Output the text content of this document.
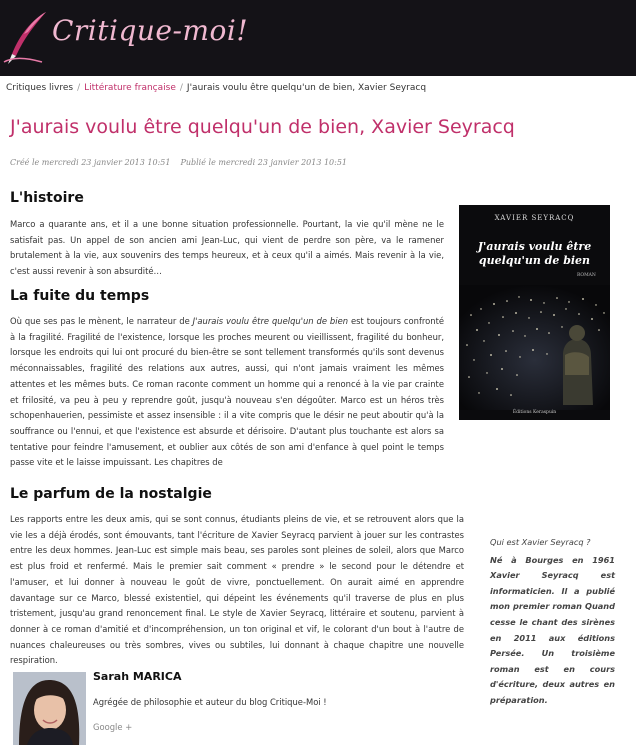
Critique-moi!
Critiques livres / Littérature française / J'aurais voulu être quelqu'un de bien, Xavier Seyracq
J'aurais voulu être quelqu'un de bien, Xavier Seyracq
Créé le mercredi 23 janvier 2013 10:51 Publié le mercredi 23 janvier 2013 10:51
L'histoire

Marco a quarante ans, et il a une bonne situation professionnelle. Pourtant, la vie qu'il mène ne le satisfait pas. Un appel de son ancien ami Jean-Luc, qui vient de perdre son père, va le ramener brutalement à la vie, aux souvenirs des temps heureux, et à ceux qu'il a aimés. Mais revenir à la vie, c'est aussi revenir à son absurdité…

XAVIER SEYRACQ
J'aurais voulu être
quelqu'un de bien
ROMAN
Éditions Keraspuin
La fuite du temps

Où que ses pas le mènent, le narrateur de J'aurais voulu être quelqu'un de bien est toujours confronté à la fragilité. Fragilité de l'existence, lorsque les proches meurent ou vieillissent, fragilité du bonheur, lorsque les endroits qui lui ont procuré du bien-être se sont tellement transformés qu'ils sont devenus méconnaissables, fragilité des relations aux autres, aussi, qui n'ont jamais vraiment les mêmes attentes et les mêmes buts. Ce roman raconte comment un homme qui a renoncé à la vie par crainte et frilosité, va peu à peu y reprendre goût, jusqu'à nouveau s'en dégoûter. Marco est un héros très schopenhauerien, pessimiste et assez insensible : il a vite compris que le désir ne peut aboutir qu'à la souffrance ou l'ennui, et que l'existence est absurde et dérisoire. D'autant plus touchante est alors sa tentative pour feindre l'amusement, et oublier aux côtés de son ami d'enfance à quel point le temps passe vite et le laisse impuissant. Les chapitres de

Le parfum de la nostalgie

Les rapports entre les deux amis, qui se sont connus, étudiants pleins de vie, et se retrouvent alors que la vie les a déjà érodés, sont émouvants, tant l'écriture de Xavier Seyracq parvient à jouer sur les contrastes entre les deux hommes. Jean-Luc est simple mais beau, ses paroles sont pleines de soleil, alors que Marco est plus froid et renfermé. Mais le premier sait comment « prendre » le second pour le détendre et l'amuser, et lui donner à nouveau le goût de vivre, ponctuellement. On aurait aimé en apprendre davantage sur ce Marco, blessé existentiel, qui dépeint les événements qu'il traverse de plus en plus tristement, jusqu'au grand renoncement final. Le style de Xavier Seyracq, littéraire et soutenu, parvient à donner à ce roman d'amitié et d'incompréhension, un ton original et vif, le colorant d'un bout à l'autre de nuances chaleureuses ou très sombres, vives ou subtiles, lui donnant à chaque chapitre une nouvelle respiration.

Qui est Xavier Seyracq ?
Né à Bourges en 1961 Xavier Seyracq est informaticien. Il a publié mon premier roman Quand cesse le chant des sirènes en 2011 aux éditions Persée. Un troisième roman est en cours d'écriture, deux autres en préparation.
Sarah MARICA
Agrégée de philosophie et auteur du blog Critique-Moi !
Google +
